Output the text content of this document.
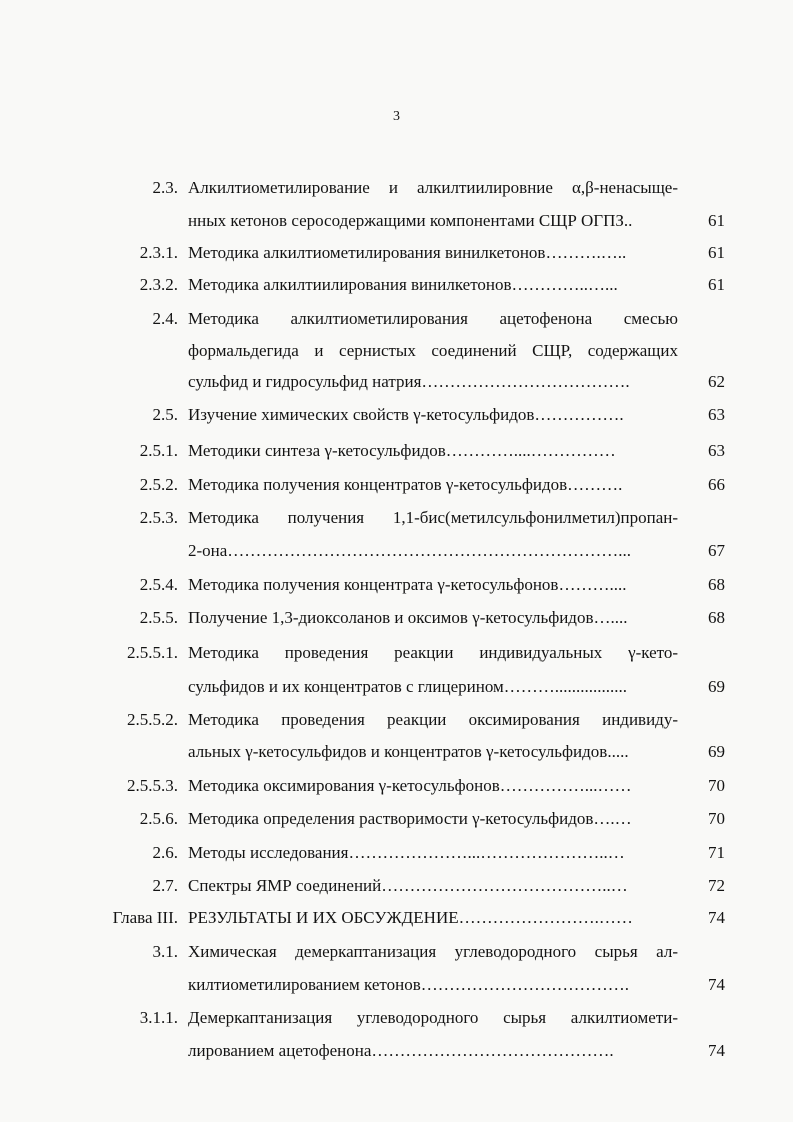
3
2.3. Алкилтиометилирование и алкилтиилировние α,β-ненасыще-
нных кетонов серосодержащими компонентами СЩР ОГПЗ..	61
2.3.1. Методика алкилтиометилирования винилкетонов……….…..	61
2.3.2. Методика алкилтиилирования винилкетонов…………..…...	61
2.4. Методика алкилтиометилирования ацетофенона смесью
формальдегида и сернистых соединений СЩР, содержащих
сульфид и гидросульфид натрия……………………………….	62
2.5. Изучение химических свойств γ-кетосульфидов…………….	63
2.5.1. Методики синтеза γ-кетосульфидов…………....……………	63
2.5.2. Методика получения концентратов γ-кетосульфидов……….	66
2.5.3. Методика получения 1,1-бис(метилсульфонилметил)пропан-
2-она……………………………………………………………...	67
2.5.4. Методика получения концентрата γ-кетосульфонов………....	68
2.5.5. Получение 1,3-диоксоланов и оксимов γ-кетосульфидов…....	68
2.5.5.1. Методика проведения реакции индивидуальных γ-кето-
сульфидов и их концентратов с глицерином……….................	69
2.5.5.2. Методика проведения реакции оксимирования индивиду-
альных γ-кетосульфидов и концентратов γ-кетосульфидов.....	69
2.5.5.3. Методика оксимирования γ-кетосульфонов……………...……	70
2.5.6. Методика определения растворимости γ-кетосульфидов….…	70
2.6. Методы исследования…………………...…………………..…	71
2.7. Спектры ЯМР соединений…………………………………..…	72
Глава III. РЕЗУЛЬТАТЫ И ИХ ОБСУЖДЕНИЕ…………………….……	74
3.1. Химическая демеркаптанизация углеводородного сырья ал-
килтиометилированием кетонов……………………………….	74
3.1.1. Демеркаптанизация углеводородного сырья алкилтиомети-
лированием ацетофенона…………………………………….	74
